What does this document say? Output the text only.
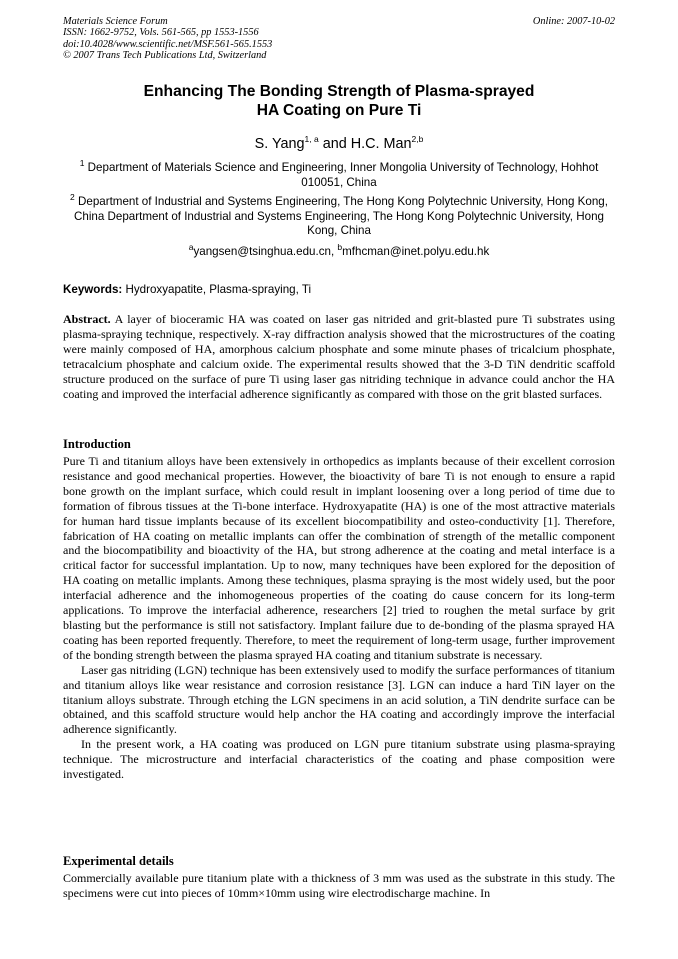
Materials Science Forum
ISSN: 1662-9752, Vols. 561-565, pp 1553-1556
doi:10.4028/www.scientific.net/MSF.561-565.1553
© 2007 Trans Tech Publications Ltd, Switzerland
Online: 2007-10-02
Enhancing The Bonding Strength of Plasma-sprayed
HA Coating on Pure Ti
S. Yang$^{1, a}$ and H.C. Man$^{2,b}$
$^1$ Department of Materials Science and Engineering, Inner Mongolia University of Technology, Hohhot 010051, China
$^2$ Department of Industrial and Systems Engineering, The Hong Kong Polytechnic University, Hong Kong, China Department of Industrial and Systems Engineering, The Hong Kong Polytechnic University, Hong Kong, China
$^a$yangsen@tsinghua.edu.cn, $^b$mfhcman@inet.polyu.edu.hk
Keywords: Hydroxyapatite, Plasma-spraying, Ti
Abstract. A layer of bioceramic HA was coated on laser gas nitrided and grit-blasted pure Ti substrates using plasma-spraying technique, respectively. X-ray diffraction analysis showed that the microstructures of the coating were mainly composed of HA, amorphous calcium phosphate and some minute phases of tricalcium phosphate, tetracalcium phosphate and calcium oxide. The experimental results showed that the 3-D TiN dendritic scaffold structure produced on the surface of pure Ti using laser gas nitriding technique in advance could anchor the HA coating and improved the interfacial adherence significantly as compared with those on the grit blasted surfaces.
Introduction

Pure Ti and titanium alloys have been extensively in orthopedics as implants because of their excellent corrosion resistance and good mechanical properties. However, the bioactivity of bare Ti is not enough to ensure a rapid bone growth on the implant surface, which could result in implant loosening over a long period of time due to formation of fibrous tissues at the Ti-bone interface. Hydroxyapatite (HA) is one of the most attractive materials for human hard tissue implants because of its excellent biocompatibility and osteo-conductivity [1]. Therefore, fabrication of HA coating on metallic implants can offer the combination of strength of the metallic component and the biocompatibility and bioactivity of the HA, but strong adherence at the coating and metal interface is a critical factor for successful implantation. Up to now, many techniques have been explored for the deposition of HA coating on metallic implants. Among these techniques, plasma spraying is the most widely used, but the poor interfacial adherence and the inhomogeneous properties of the coating do cause concern for its long-term applications. To improve the interfacial adherence, researchers [2] tried to roughen the metal surface by grit blasting but the performance is still not satisfactory. Implant failure due to de-bonding of the plasma sprayed HA coating has been reported frequently. Therefore, to meet the requirement of long-term usage, further improvement of the bonding strength between the plasma sprayed HA coating and titanium substrate is necessary.

Laser gas nitriding (LGN) technique has been extensively used to modify the surface performances of titanium and titanium alloys like wear resistance and corrosion resistance [3]. LGN can induce a hard TiN layer on the titanium alloys substrate. Through etching the LGN specimens in an acid solution, a TiN dendrite surface can be obtained, and this scaffold structure would help anchor the HA coating and accordingly improve the interfacial adherence significantly.

In the present work, a HA coating was produced on LGN pure titanium substrate using plasma-spraying technique. The microstructure and interfacial characteristics of the coating and phase composition were investigated.

Experimental details

Commercially available pure titanium plate with a thickness of 3 mm was used as the substrate in this study. The specimens were cut into pieces of 10mm×10mm using wire electrodischarge machine. In
